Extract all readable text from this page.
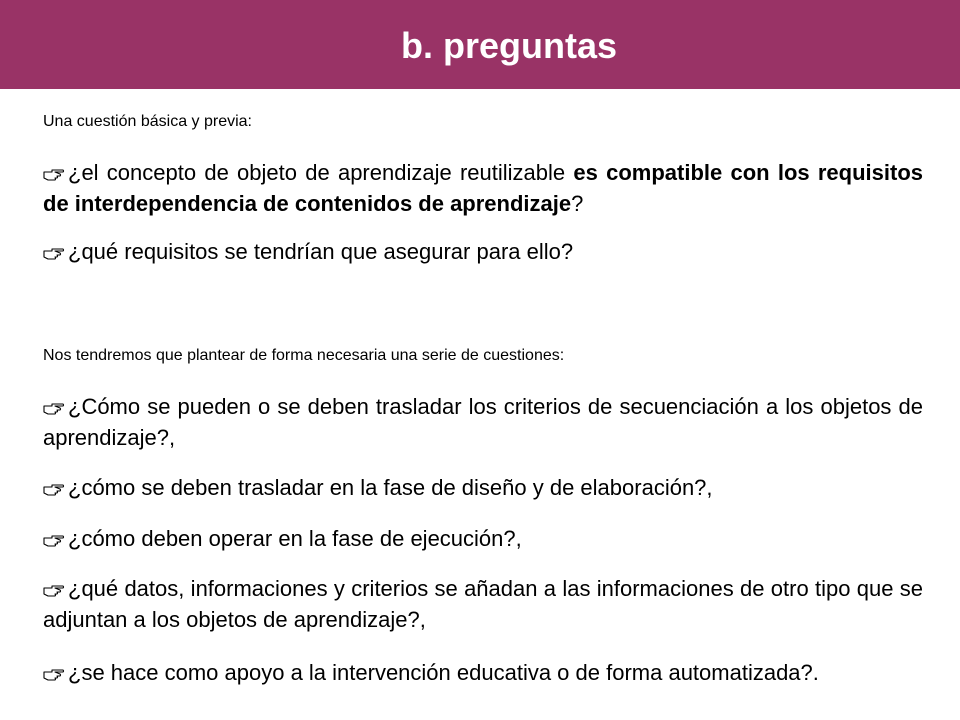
b. preguntas
Una cuestión básica y previa:
¿el concepto de objeto de aprendizaje reutilizable es compatible con los requisitos de interdependencia de contenidos de aprendizaje?
¿qué requisitos se tendrían que asegurar para ello?
Nos tendremos que plantear de forma necesaria una serie de cuestiones:
¿Cómo se pueden o se deben trasladar los criterios de secuenciación a los objetos de aprendizaje?,
¿cómo se deben trasladar en la fase de diseño y de elaboración?,
¿cómo deben operar en la fase de ejecución?,
¿qué datos, informaciones y criterios se añadan a las informaciones de otro tipo que se adjuntan a los objetos de aprendizaje?,
¿se hace como apoyo a la intervención educativa o de forma automatizada?.
